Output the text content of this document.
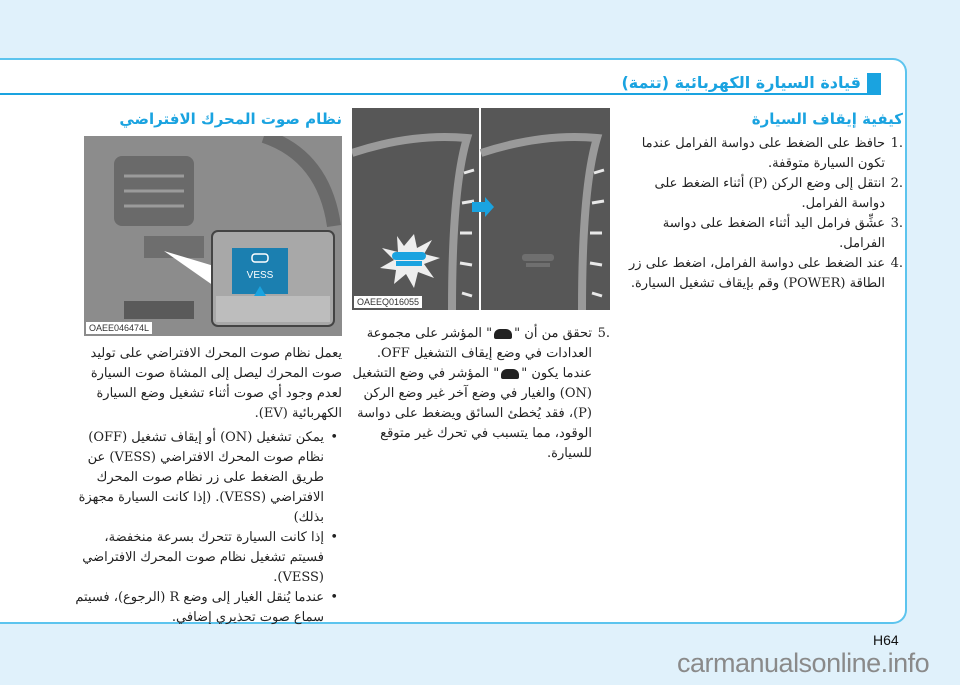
قيادة السيارة الكهربائية (تتمة)
كيفية إيقاف السيارة
1.
حافظ على الضغط على دواسة الفرامل عندما تكون السيارة متوقفة.
2.
انتقل إلى وضع الركن (P) أثناء الضغط على دواسة الفرامل.
3.
عشِّق فرامل اليد أثناء الضغط على دواسة الفرامل.
4.
عند الضغط على دواسة الفرامل، اضغط على زر الطاقة (POWER) وقم بإيقاف تشغيل السيارة.
OAEEQ016055
5.
تحقق من أن "" المؤشر على مجموعة العدادات في وضع إيقاف التشغيل OFF. عندما يكون "" المؤشر في وضع التشغيل (ON) والغيار في وضع آخر غير وضع الركن (P)، فقد يُخطئ السائق ويضغط على دواسة الوقود، مما يتسبب في تحرك غير متوقع للسيارة.
نظام صوت المحرك الافتراضي
VESS
OAEE046474L

يعمل نظام صوت المحرك الافتراضي على توليد صوت المحرك ليصل إلى المشاة صوت السيارة لعدم وجود أي صوت أثناء تشغيل وضع السيارة الكهربائية (EV).

•
يمكن تشغيل (ON) أو إيقاف تشغيل (OFF) نظام صوت المحرك الافتراضي (VESS) عن طريق الضغط على زر نظام صوت المحرك الافتراضي (VESS). (إذا كانت السيارة مجهزة بذلك)
•
إذا كانت السيارة تتحرك بسرعة منخفضة، فسيتم تشغيل نظام صوت المحرك الافتراضي (VESS).
•
عندما يُنقل الغيار إلى وضع R (الرجوع)، فسيتم سماع صوت تحذيري إضافي.
H64
carmanualsonline.info
